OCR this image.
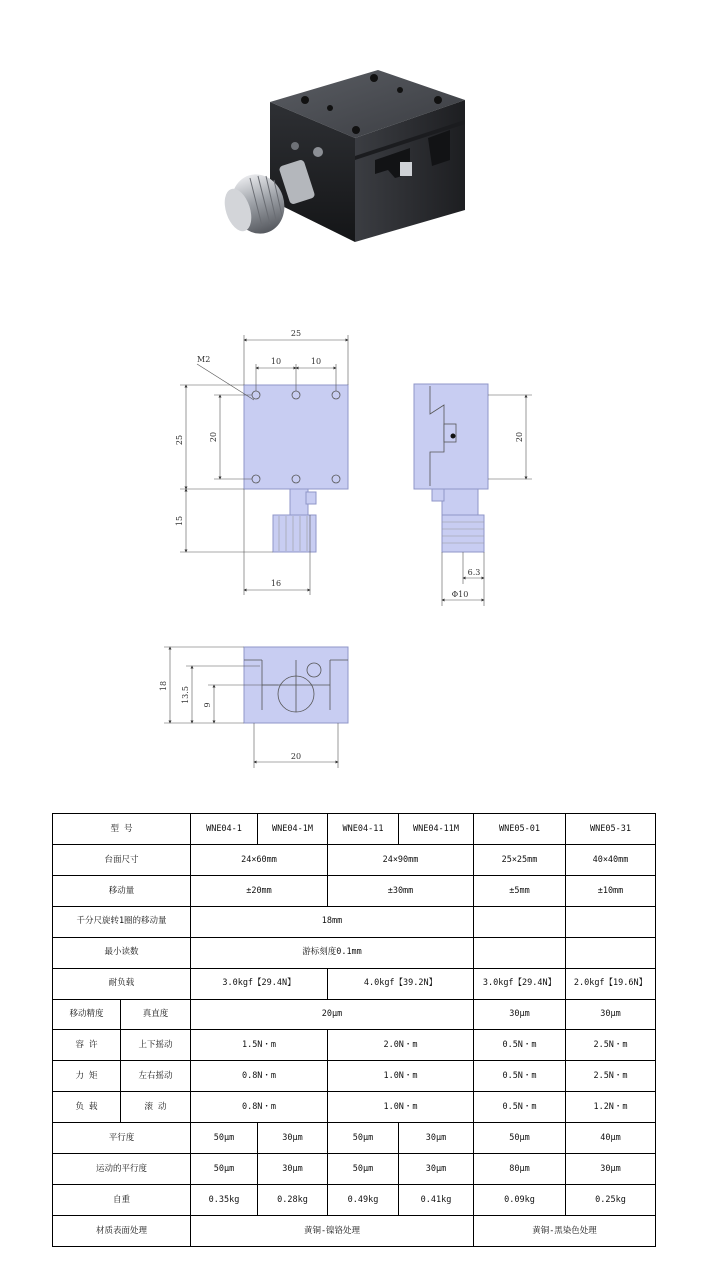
25
10	10
25	20
15
16
M2
20
6.3
Φ10
18
13.5
9
20
型 号		WNE04-1	WNE04-1M	WNE04-11	WNE04-11M	WNE05-01	WNE05-31
台面尺寸		24×60mm		24×90mm		25×25mm	40×40mm
移动量		±20mm		±30mm		±5mm	±10mm
千分尺旋转1圈的移动量		18mm					
最小读数		游标刻度0.1mm					
耐负载		3.0kgf【29.4N】		4.0kgf【39.2N】		3.0kgf【29.4N】	2.0kgf【19.6N】
移动精度	真直度	20μm				30μm	30μm
容 许	上下摇动	1.5N・m		2.0N・m		0.5N・m	2.5N・m
力 矩	左右摇动	0.8N・m		1.0N・m		0.5N・m	2.5N・m
负 载	滚 动	0.8N・m		1.0N・m		0.5N・m	1.2N・m
平行度		50μm	30μm	50μm	30μm	50μm	40μm
运动的平行度		50μm	30μm	50μm	30μm	80μm	30μm
自重		0.35kg	0.28kg	0.49kg	0.41kg	0.09kg	0.25kg
材质表面处理		黄铜-镍铬处理				黄铜-黑染色处理	
